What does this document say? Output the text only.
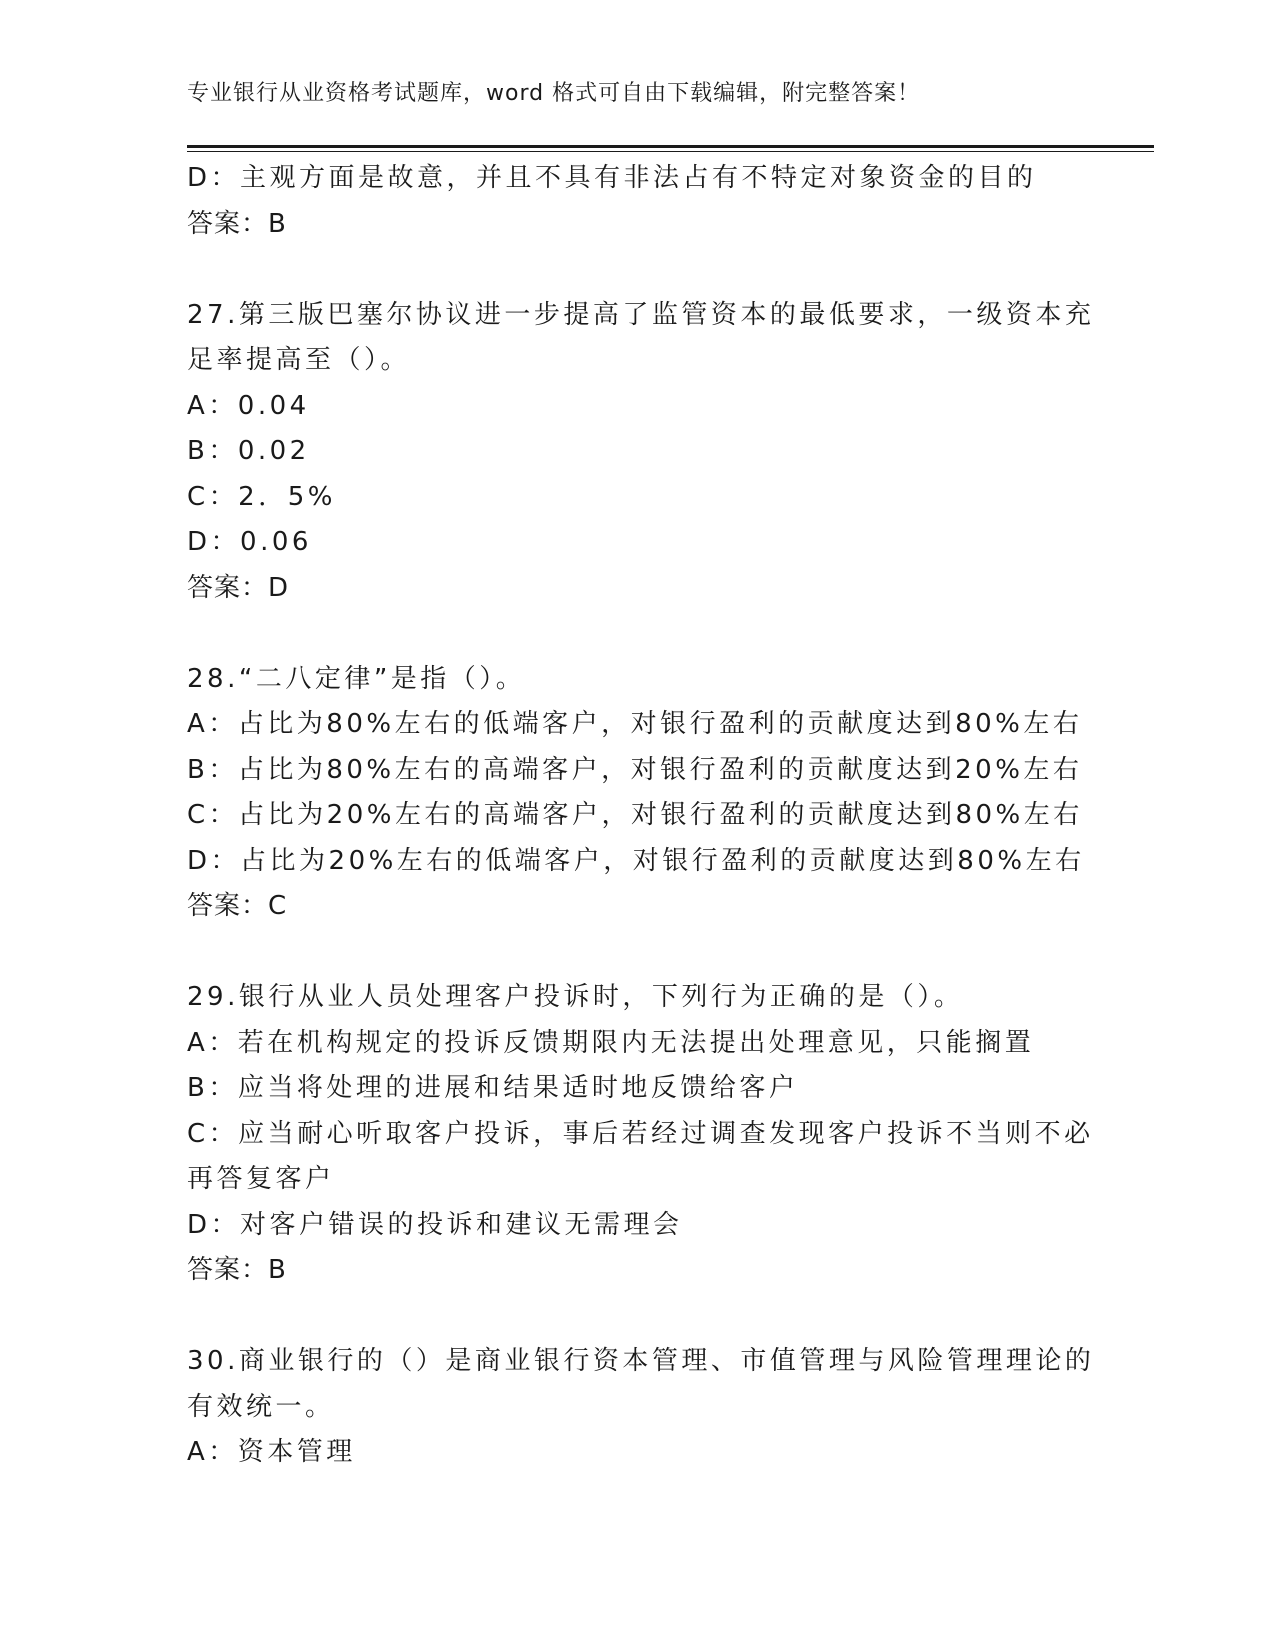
专业银行从业资格考试题库，word 格式可自由下载编辑，附完整答案！
D：主观方面是故意，并且不具有非法占有不特定对象资金的目的
答案：B
27.第三版巴塞尔协议进一步提高了监管资本的最低要求，一级资本充
足率提高至（）。
A：0.04
B：0.02
C：2．5%
D：0.06
答案：D
28.“二八定律”是指（）。
A：占比为80%左右的低端客户，对银行盈利的贡献度达到80%左右
B：占比为80%左右的高端客户，对银行盈利的贡献度达到20%左右
C：占比为20%左右的高端客户，对银行盈利的贡献度达到80%左右
D：占比为20%左右的低端客户，对银行盈利的贡献度达到80%左右
答案：C
29.银行从业人员处理客户投诉时，下列行为正确的是（）。
A：若在机构规定的投诉反馈期限内无法提出处理意见，只能搁置
B：应当将处理的进展和结果适时地反馈给客户
C：应当耐心听取客户投诉，事后若经过调查发现客户投诉不当则不必
再答复客户
D：对客户错误的投诉和建议无需理会
答案：B
30.商业银行的（）是商业银行资本管理、市值管理与风险管理理论的
有效统一。
A：资本管理
